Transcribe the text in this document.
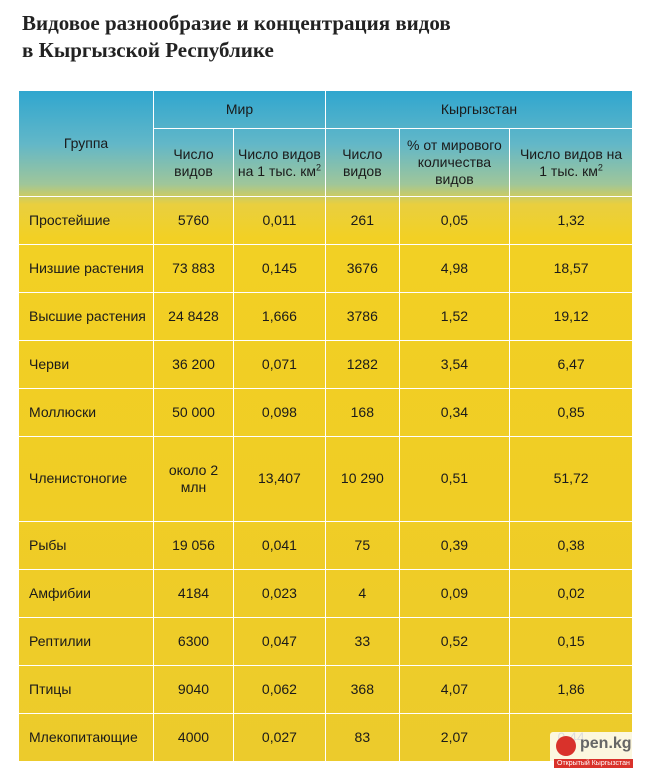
Видовое разнообразие и концентрация видов
в Кыргызской Республике
Группа	Мир		Кыргызстан		
	Число видов	Число видов на 1 тыс. $км^2$	Число видов	% от мирового количества видов	Число видов на 1 тыс. $км^2$
Простейшие	5760	0,011	261	0,05	1,32
Низшие растения	73 883	0,145	3676	4,98	18,57
Высшие растения	24 8428	1,666	3786	1,52	19,12
Черви	36 200	0,071	1282	3,54	6,47
Моллюски	50 000	0,098	168	0,34	0,85
Членистоногие	около 2 млн	13,407	10 290	0,51	51,72
Рыбы	19 056	0,041	75	0,39	0,38
Амфибии	4184	0,023	4	0,09	0,02
Рептилии	6300	0,047	33	0,52	0,15
Птицы	9040	0,062	368	4,07	1,86
Млекопитающие	4000	0,027	83	2,07		pen.kg
Открытый Кыргызстан
